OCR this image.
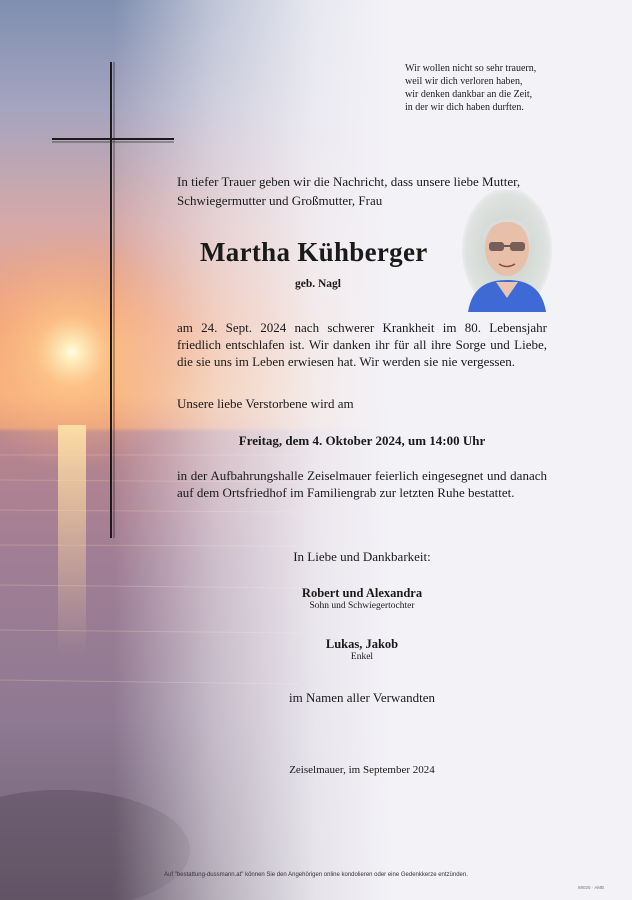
Wir wollen nicht so sehr trauern,
weil wir dich verloren haben,
wir denken dankbar an die Zeit,
in der wir dich haben durften.
In tiefer Trauer geben wir die Nachricht, dass unsere liebe Mutter, Schwiegermutter und Großmutter, Frau
Martha Kühberger
geb. Nagl
am 24. Sept. 2024 nach schwerer Krankheit im 80. Lebensjahr friedlich entschlafen ist. Wir danken ihr für all ihre Sorge und Liebe, die sie uns im Leben erwiesen hat. Wir werden sie nie vergessen.
Unsere liebe Verstorbene wird am
Freitag, dem 4. Oktober 2024, um 14:00 Uhr
in der Aufbahrungshalle Zeiselmauer feierlich eingesegnet und danach auf dem Ortsfriedhof im Familiengrab zur letzten Ruhe bestattet.
In Liebe und Dankbarkeit:
Robert und Alexandra
Sohn und Schwiegertochter
Lukas, Jakob
Enkel
im Namen aller Verwandten
Zeiselmauer, im September 2024
Auf "bestattung-dussmann.at" können Sie den Angehörigen online kondolieren oder eine Gedenkkerze entzünden.
89025 · AMB
